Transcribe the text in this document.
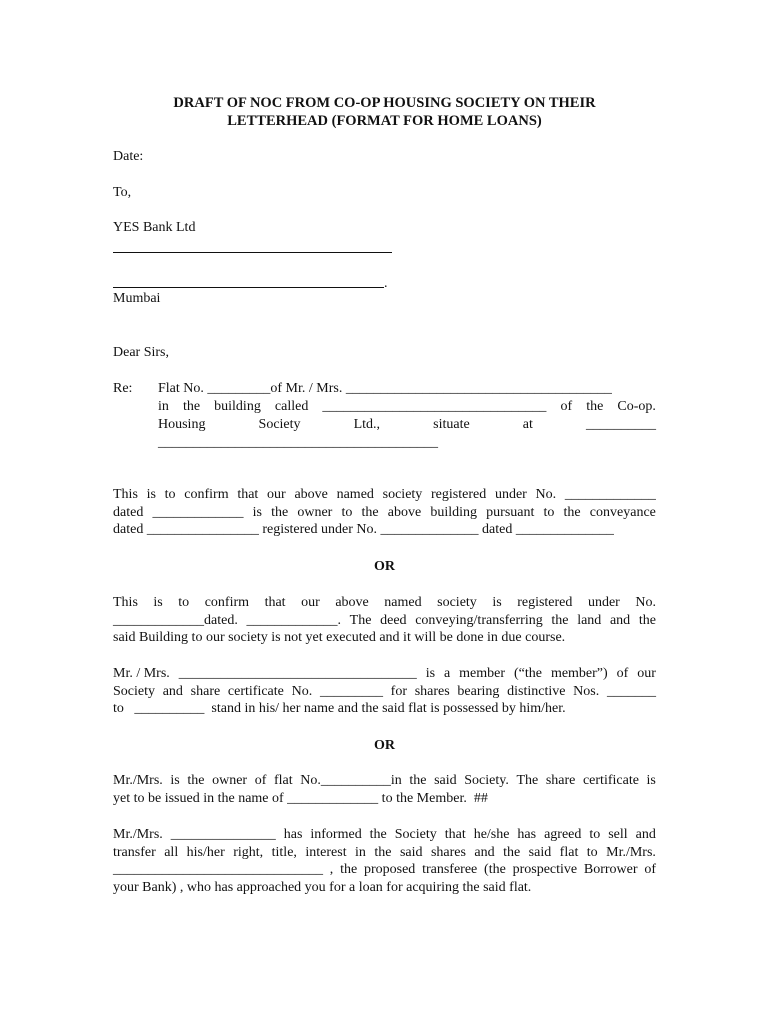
DRAFT OF NOC FROM CO-OP HOUSING SOCIETY ON THEIR
LETTERHEAD (FORMAT FOR HOME LOANS)
Date:
To,
YES Bank Ltd
.
Mumbai
Dear Sirs,
Re: Flat No. _________of Mr. / Mrs. ______________________________________
in the building called ________________________________ of the Co-op.
Housing	Society	Ltd.,	situate	at	__________
________________________________________
This is to confirm that our above named society registered under No. _____________
dated _____________ is the owner to the above building pursuant to the conveyance
dated ________________ registered under No. ______________ dated ______________
OR
This is to confirm that our above named society is registered under No.
_____________dated. _____________. The deed conveying/transferring the land and the
said Building to our society is not yet executed and it will be done in due course.
Mr. / Mrs. __________________________________ is a member (“the member”) of our
Society and share certificate No. _________ for shares bearing distinctive Nos. _______
to   __________  stand in his/ her name and the said flat is possessed by him/her.
OR
Mr./Mrs. is the owner of flat No.__________in the said Society. The share certificate is
yet to be issued in the name of _____________ to the Member.  ##
Mr./Mrs. _______________ has informed the Society that he/she has agreed to sell and
transfer all his/her right, title, interest in the said shares and the said flat to Mr./Mrs.
______________________________ , the proposed transferee (the prospective Borrower of
your Bank) , who has approached you for a loan for acquiring the said flat.
